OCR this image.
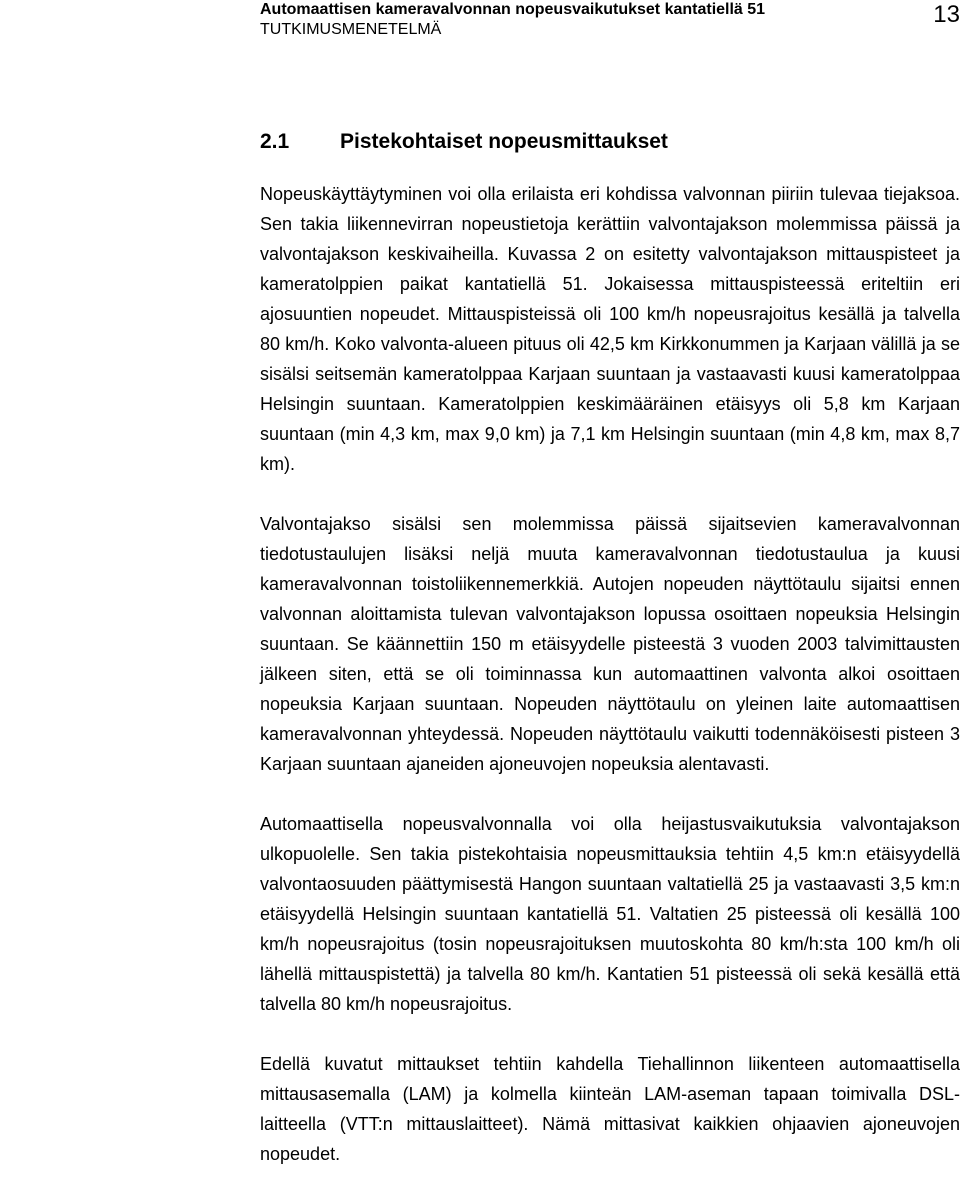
Automaattisen kameravalvonnan nopeusvaikutukset kantatiellä 51
TUTKIMUSMENETELMÄ
13
2.1 Pistekohtaiset nopeusmittaukset

Nopeuskäyttäytyminen voi olla erilaista eri kohdissa valvonnan piiriin tulevaa tiejaksoa. Sen takia liikennevirran nopeustietoja kerättiin valvontajakson molemmissa päissä ja valvontajakson keskivaiheilla. Kuvassa 2 on esitetty valvontajakson mittauspisteet ja kameratolppien paikat kantatiellä 51. Jokaisessa mittauspisteessä eriteltiin eri ajosuuntien nopeudet. Mittauspisteissä oli 100 km/h nopeusrajoitus kesällä ja talvella 80 km/h. Koko valvonta-alueen pituus oli 42,5 km Kirkkonummen ja Karjaan välillä ja se sisälsi seitsemän kameratolppaa Karjaan suuntaan ja vastaavasti kuusi kameratolppaa Helsingin suuntaan. Kameratolppien keskimääräinen etäisyys oli 5,8 km Karjaan suuntaan (min 4,3 km, max 9,0 km) ja 7,1 km Helsingin suuntaan (min 4,8 km, max 8,7 km).

Valvontajakso sisälsi sen molemmissa päissä sijaitsevien kameravalvonnan tiedotustaulujen lisäksi neljä muuta kameravalvonnan tiedotustaulua ja kuusi kameravalvonnan toistoliikennemerkkiä. Autojen nopeuden näyttötaulu sijaitsi ennen valvonnan aloittamista tulevan valvontajakson lopussa osoittaen nopeuksia Helsingin suuntaan. Se käännettiin 150 m etäisyydelle pisteestä 3 vuoden 2003 talvimittausten jälkeen siten, että se oli toiminnassa kun automaattinen valvonta alkoi osoittaen nopeuksia Karjaan suuntaan. Nopeuden näyttötaulu on yleinen laite automaattisen kameravalvonnan yhteydessä. Nopeuden näyttötaulu vaikutti todennäköisesti pisteen 3 Karjaan suuntaan ajaneiden ajoneuvojen nopeuksia alentavasti.

Automaattisella nopeusvalvonnalla voi olla heijastusvaikutuksia valvontajakson ulkopuolelle. Sen takia pistekohtaisia nopeusmittauksia tehtiin 4,5 km:n etäisyydellä valvontaosuuden päättymisestä Hangon suuntaan valtatiellä 25 ja vastaavasti 3,5 km:n etäisyydellä Helsingin suuntaan kantatiellä 51. Valtatien 25 pisteessä oli kesällä 100 km/h nopeusrajoitus (tosin nopeusrajoituksen muutoskohta 80 km/h:sta 100 km/h oli lähellä mittauspistettä) ja talvella 80 km/h. Kantatien 51 pisteessä oli sekä kesällä että talvella 80 km/h nopeusrajoitus.

Edellä kuvatut mittaukset tehtiin kahdella Tiehallinnon liikenteen automaattisella mittausasemalla (LAM) ja kolmella kiinteän LAM-aseman tapaan toimivalla DSL-laitteella (VTT:n mittauslaitteet). Nämä mittasivat kaikkien ohjaavien ajoneuvojen nopeudet.
